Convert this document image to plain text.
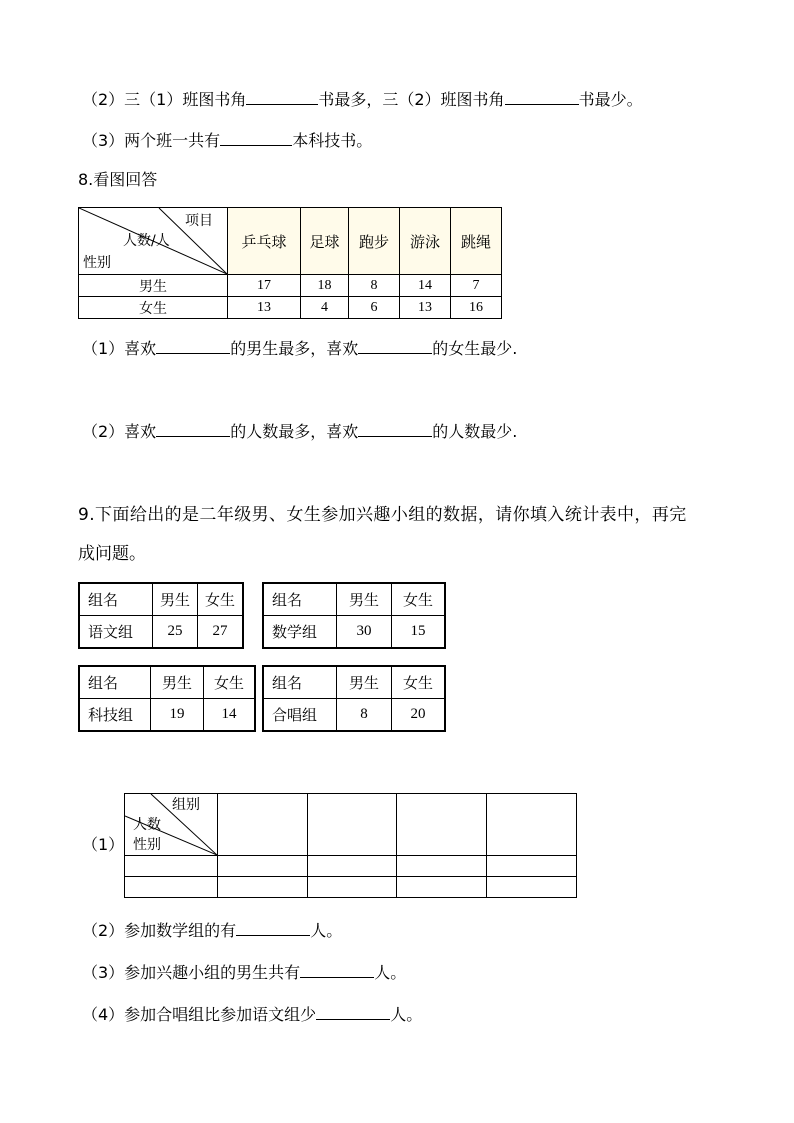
（2）三（1）班图书角	书最多，三（2）班图书角	书最少。
（3）两个班一共有	本科技书。
8.看图回答
项目
人数/人
性别	乒乓球	足球	跑步	游泳	跳绳
男生	17	18	8	14	7
女生	13	4	6	13	16
（1）喜欢	的男生最多，喜欢	的女生最少.
（2）喜欢	的人数最多，喜欢	的人数最少.
9.下面给出的是二年级男、女生参加兴趣小组的数据，请你填入统计表中，再完
成问题。
组名	男生	女生
语文组	25	27
组名	男生	女生
数学组	30	15
组名	男生	女生
科技组	19	14
组名	男生	女生
合唱组	8	20
（1）
组别
人数
性别				

（2）参加数学组的有	人。
（3）参加兴趣小组的男生共有	人。
（4）参加合唱组比参加语文组少	人。
